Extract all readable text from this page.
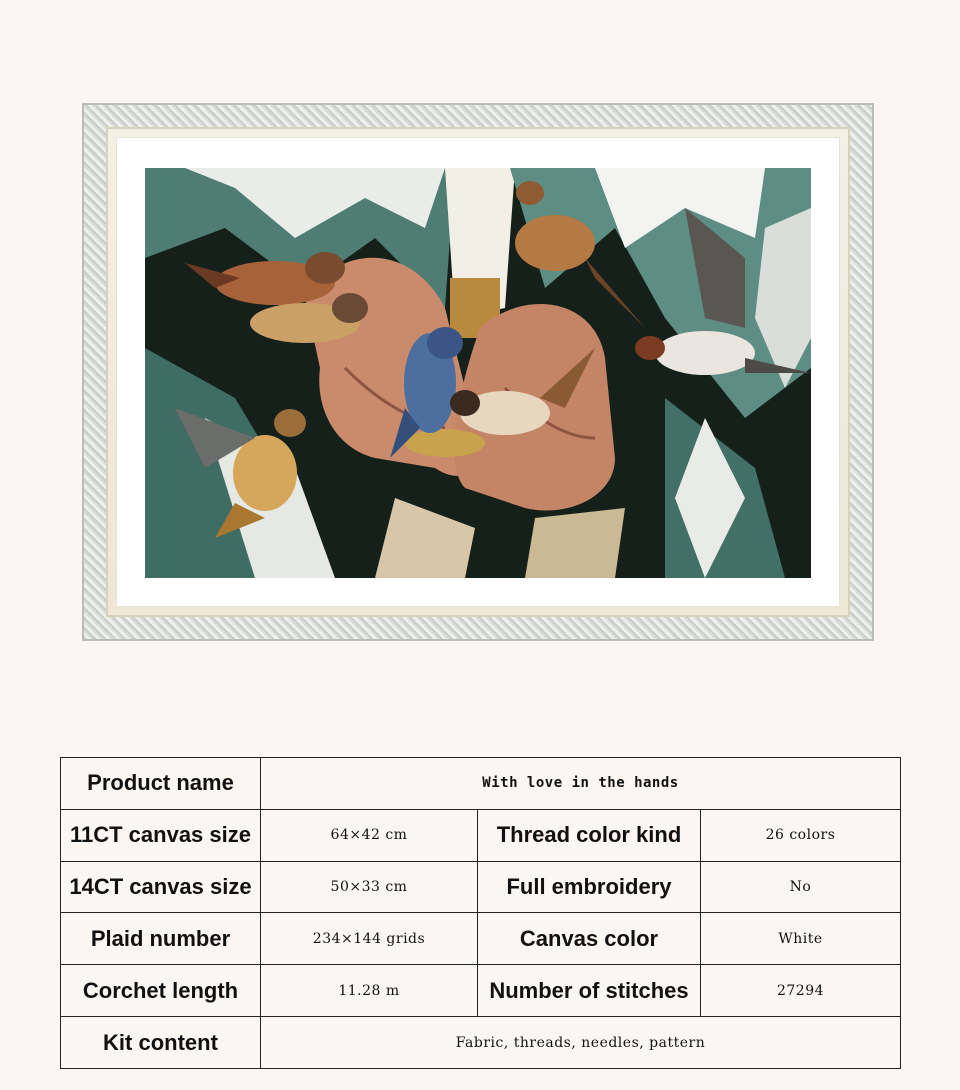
Product name	With love in the hands		
11CT canvas size	64×42 cm	Thread color kind	26 colors
14CT canvas size	50×33 cm	Full embroidery	No
Plaid number	234×144 grids	Canvas color	White
Corchet length	11.28 m	Number of stitches	27294
Kit content	Fabric, threads, needles, pattern		
